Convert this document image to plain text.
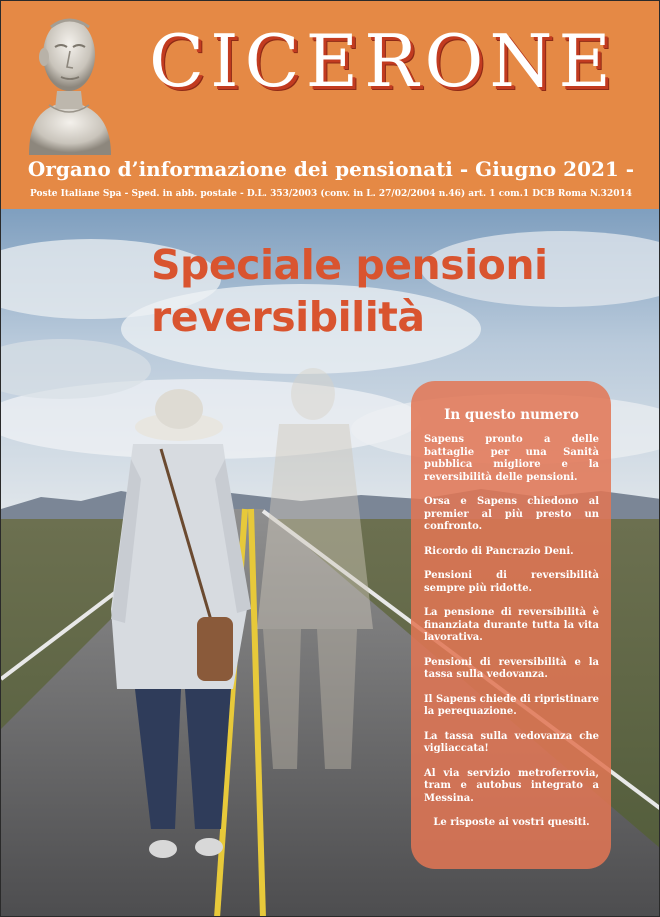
CICERONE
Organo d’informazione dei pensionati - Giugno 2021 -
Poste Italiane Spa - Sped. in abb. postale - D.L. 353/2003 (conv. in L. 27/02/2004 n.46) art. 1 com.1 DCB Roma N.32014
Speciale pensioni
reversibilità
In questo numero
Sapens pronto a delle battaglie per una Sanità pubblica migliore e la reversibilità delle pensioni.
Orsa e Sapens chiedono al premier al più presto un confronto.
Ricordo di Pancrazio Deni.
Pensioni di reversibilità sempre più ridotte.
La pensione di reversibilità è finanziata durante tutta la vita lavorativa.
Pensioni di reversibilità e la tassa sulla vedovanza.
Il Sapens chiede di ripristinare la perequazione.
La tassa sulla vedovanza che vigliaccata!
Al via servizio metroferrovia, tram e autobus integrato a Messina.
Le risposte ai vostri quesiti.
